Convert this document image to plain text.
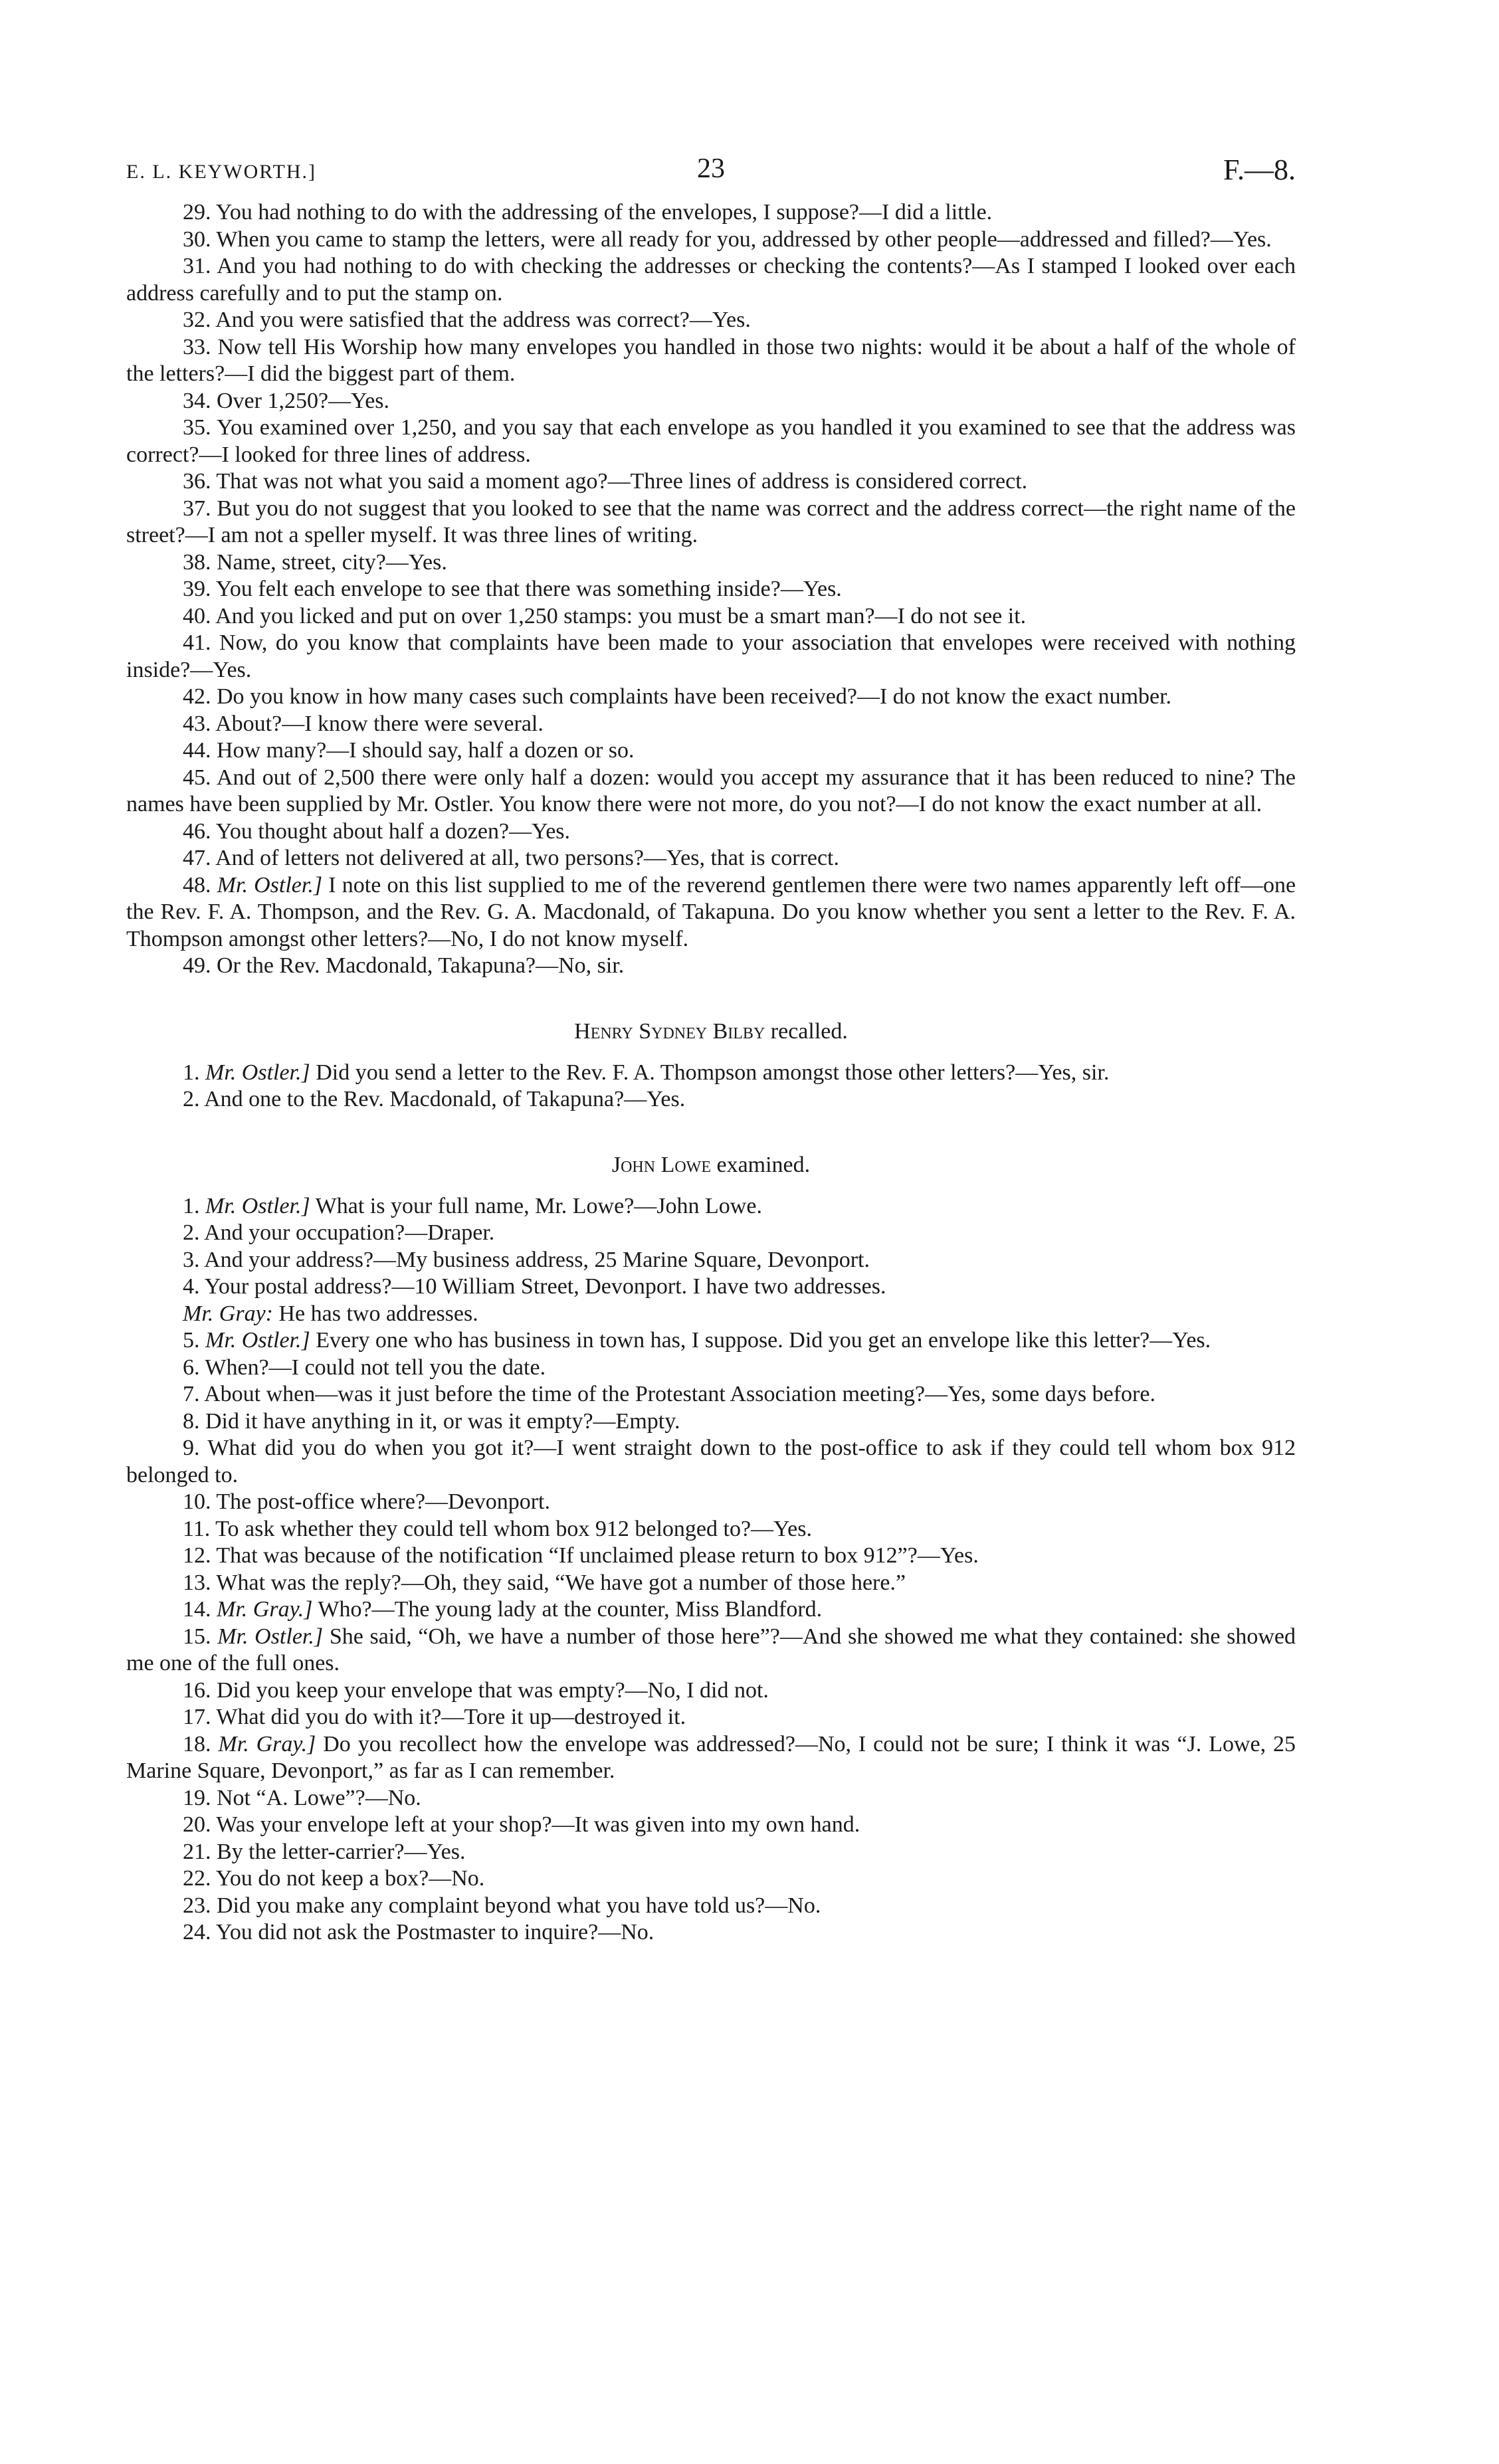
E. L. KEYWORTH.]	23	F.—8.

29. You had nothing to do with the addressing of the envelopes, I suppose?—I did a little.

30. When you came to stamp the letters, were all ready for you, addressed by other people—addressed and filled?—Yes.

31. And you had nothing to do with checking the addresses or checking the contents?—As I stamped I looked over each address carefully and to put the stamp on.

32. And you were satisfied that the address was correct?—Yes.

33. Now tell His Worship how many envelopes you handled in those two nights: would it be about a half of the whole of the letters?—I did the biggest part of them.

34. Over 1,250?—Yes.

35. You examined over 1,250, and you say that each envelope as you handled it you examined to see that the address was correct?—I looked for three lines of address.

36. That was not what you said a moment ago?—Three lines of address is considered correct.

37. But you do not suggest that you looked to see that the name was correct and the address correct—the right name of the street?—I am not a speller myself. It was three lines of writing.

38. Name, street, city?—Yes.

39. You felt each envelope to see that there was something inside?—Yes.

40. And you licked and put on over 1,250 stamps: you must be a smart man?—I do not see it.

41. Now, do you know that complaints have been made to your association that envelopes were received with nothing inside?—Yes.

42. Do you know in how many cases such complaints have been received?—I do not know the exact number.

43. About?—I know there were several.

44. How many?—I should say, half a dozen or so.

45. And out of 2,500 there were only half a dozen: would you accept my assurance that it has been reduced to nine? The names have been supplied by Mr. Ostler. You know there were not more, do you not?—I do not know the exact number at all.

46. You thought about half a dozen?—Yes.

47. And of letters not delivered at all, two persons?—Yes, that is correct.

48. Mr. Ostler.] I note on this list supplied to me of the reverend gentlemen there were two names apparently left off—one the Rev. F. A. Thompson, and the Rev. G. A. Macdonald, of Takapuna. Do you know whether you sent a letter to the Rev. F. A. Thompson amongst other letters?—No, I do not know myself.

49. Or the Rev. Macdonald, Takapuna?—No, sir.

Henry Sydney Bilby recalled.

1. Mr. Ostler.] Did you send a letter to the Rev. F. A. Thompson amongst those other letters?—Yes, sir.

2. And one to the Rev. Macdonald, of Takapuna?—Yes.

John Lowe examined.

1. Mr. Ostler.] What is your full name, Mr. Lowe?—John Lowe.

2. And your occupation?—Draper.

3. And your address?—My business address, 25 Marine Square, Devonport.

4. Your postal address?—10 William Street, Devonport. I have two addresses.

Mr. Gray: He has two addresses.

5. Mr. Ostler.] Every one who has business in town has, I suppose. Did you get an envelope like this letter?—Yes.

6. When?—I could not tell you the date.

7. About when—was it just before the time of the Protestant Association meeting?—Yes, some days before.

8. Did it have anything in it, or was it empty?—Empty.

9. What did you do when you got it?—I went straight down to the post-office to ask if they could tell whom box 912 belonged to.

10. The post-office where?—Devonport.

11. To ask whether they could tell whom box 912 belonged to?—Yes.

12. That was because of the notification “If unclaimed please return to box 912”?—Yes.

13. What was the reply?—Oh, they said, “We have got a number of those here.”

14. Mr. Gray.] Who?—The young lady at the counter, Miss Blandford.

15. Mr. Ostler.] She said, “Oh, we have a number of those here”?—And she showed me what they contained: she showed me one of the full ones.

16. Did you keep your envelope that was empty?—No, I did not.

17. What did you do with it?—Tore it up—destroyed it.

18. Mr. Gray.] Do you recollect how the envelope was addressed?—No, I could not be sure; I think it was “J. Lowe, 25 Marine Square, Devonport,” as far as I can remember.

19. Not “A. Lowe”?—No.

20. Was your envelope left at your shop?—It was given into my own hand.

21. By the letter-carrier?—Yes.

22. You do not keep a box?—No.

23. Did you make any complaint beyond what you have told us?—No.

24. You did not ask the Postmaster to inquire?—No.
